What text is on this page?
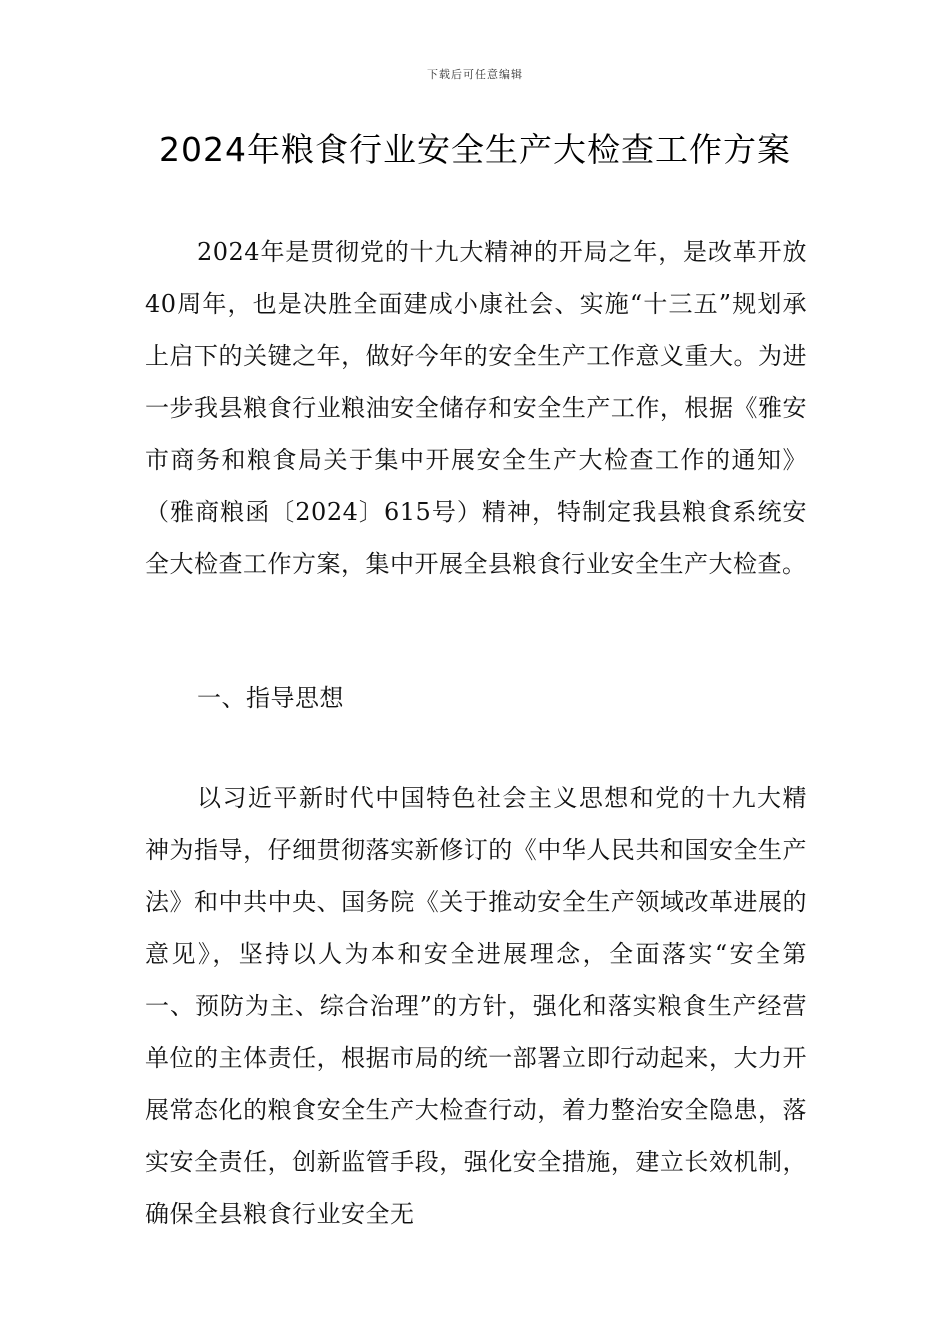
下载后可任意编辑
2024年粮食行业安全生产大检查工作方案

2024年是贯彻党的十九大精神的开局之年，是改革开放40周年，也是决胜全面建成小康社会、实施“十三五”规划承上启下的关键之年，做好今年的安全生产工作意义重大。为进一步我县粮食行业粮油安全储存和安全生产工作，根据《雅安市商务和粮食局关于集中开展安全生产大检查工作的通知》（雅商粮函〔2024〕615号）精神，特制定我县粮食系统安全大检查工作方案，集中开展全县粮食行业安全生产大检查。

一、指导思想

以习近平新时代中国特色社会主义思想和党的十九大精神为指导，仔细贯彻落实新修订的《中华人民共和国安全生产法》和中共中央、国务院《关于推动安全生产领域改革进展的意见》，坚持以人为本和安全进展理念，全面落实“安全第一、预防为主、综合治理”的方针，强化和落实粮食生产经营单位的主体责任，根据市局的统一部署立即行动起来，大力开展常态化的粮食安全生产大检查行动，着力整治安全隐患，落实安全责任，创新监管手段，强化安全措施，建立长效机制，确保全县粮食行业安全无
